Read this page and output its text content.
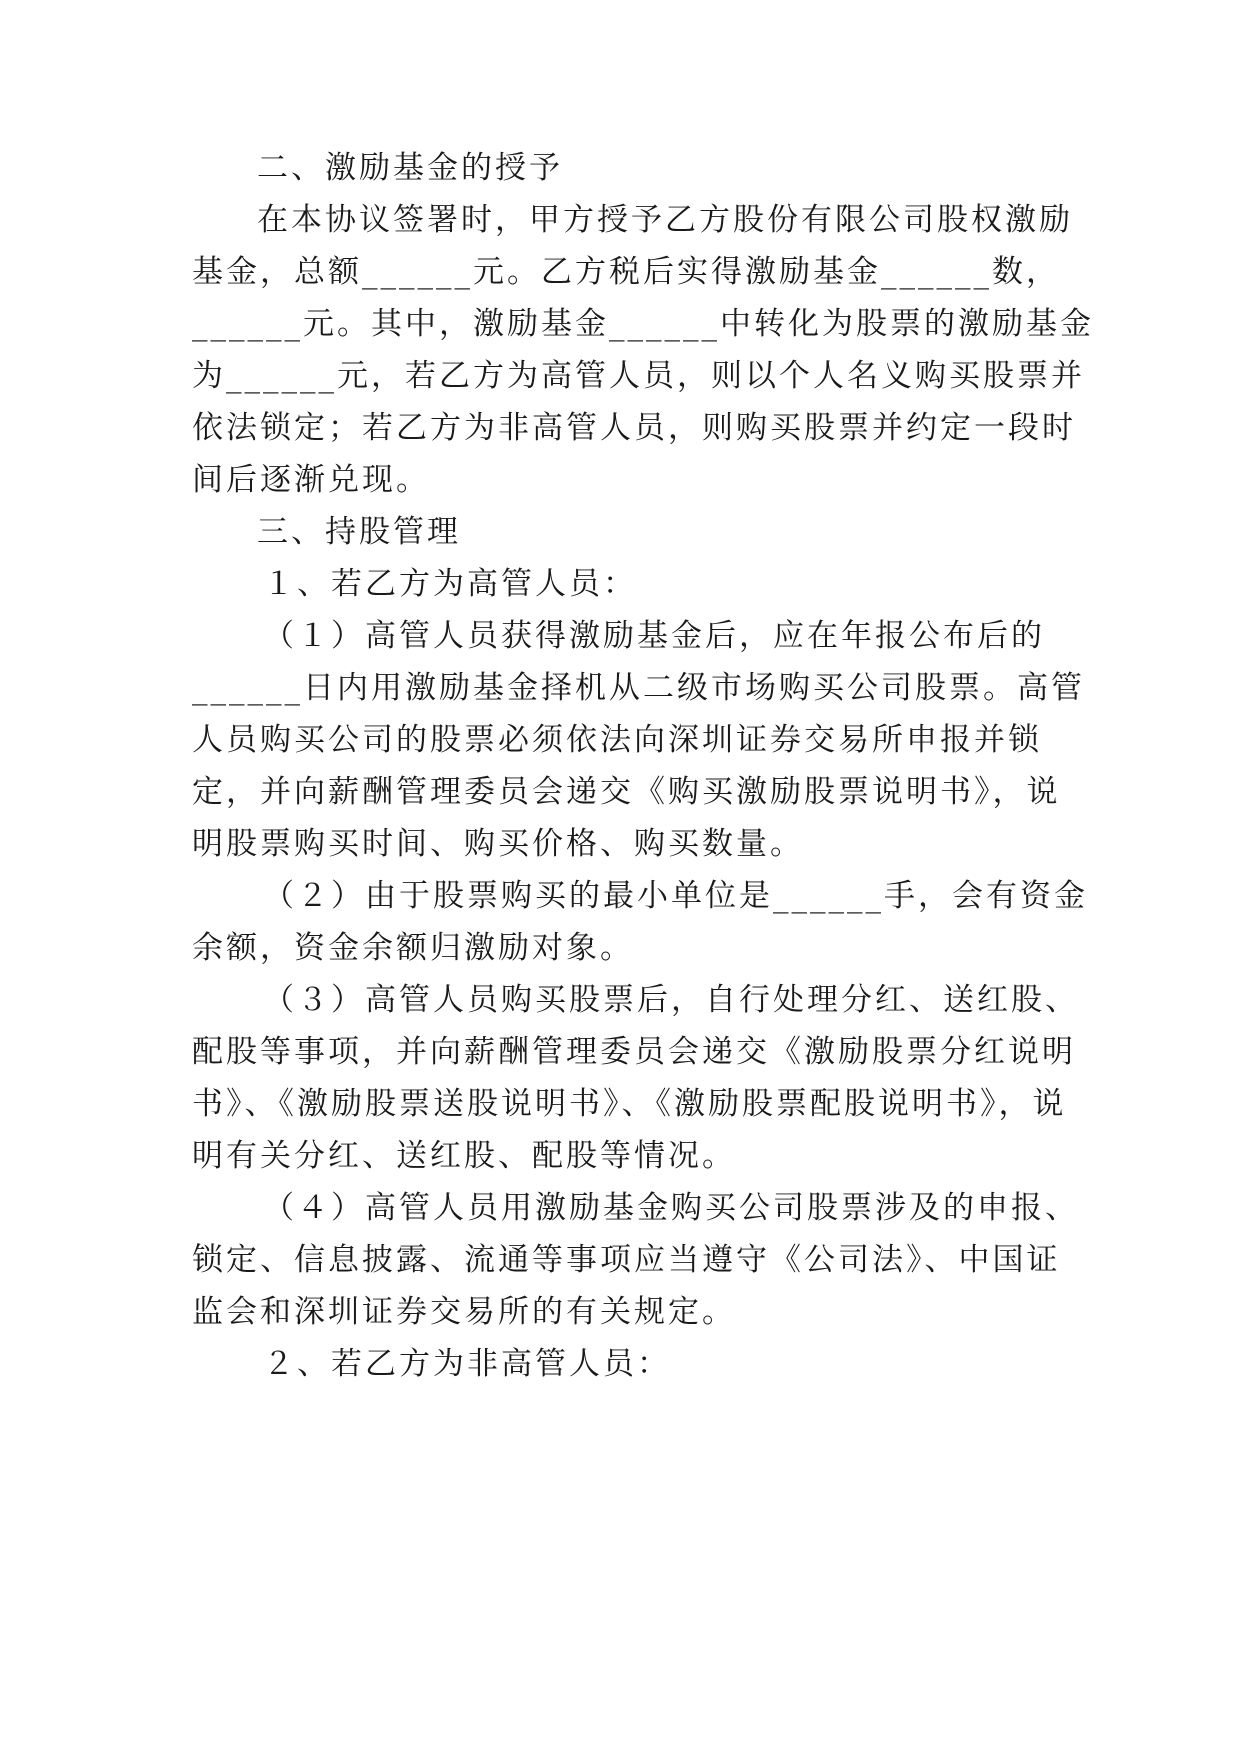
二、激励基金的授予
在本协议签署时，甲方授予乙方股份有限公司股权激励
基金，总额______元。乙方税后实得激励基金______数，
______元。其中，激励基金______中转化为股票的激励基金
为______元，若乙方为高管人员，则以个人名义购买股票并
依法锁定；若乙方为非高管人员，则购买股票并约定一段时
间后逐渐兑现。
三、持股管理
１、若乙方为高管人员：
（１）高管人员获得激励基金后，应在年报公布后的
______日内用激励基金择机从二级市场购买公司股票。高管
人员购买公司的股票必须依法向深圳证券交易所申报并锁
定，并向薪酬管理委员会递交《购买激励股票说明书》，说
明股票购买时间、购买价格、购买数量。
（２）由于股票购买的最小单位是______手，会有资金
余额，资金余额归激励对象。
（３）高管人员购买股票后，自行处理分红、送红股、
配股等事项，并向薪酬管理委员会递交《激励股票分红说明
书》、《激励股票送股说明书》、《激励股票配股说明书》，说
明有关分红、送红股、配股等情况。
（４）高管人员用激励基金购买公司股票涉及的申报、
锁定、信息披露、流通等事项应当遵守《公司法》、中国证
监会和深圳证券交易所的有关规定。
２、若乙方为非高管人员：
